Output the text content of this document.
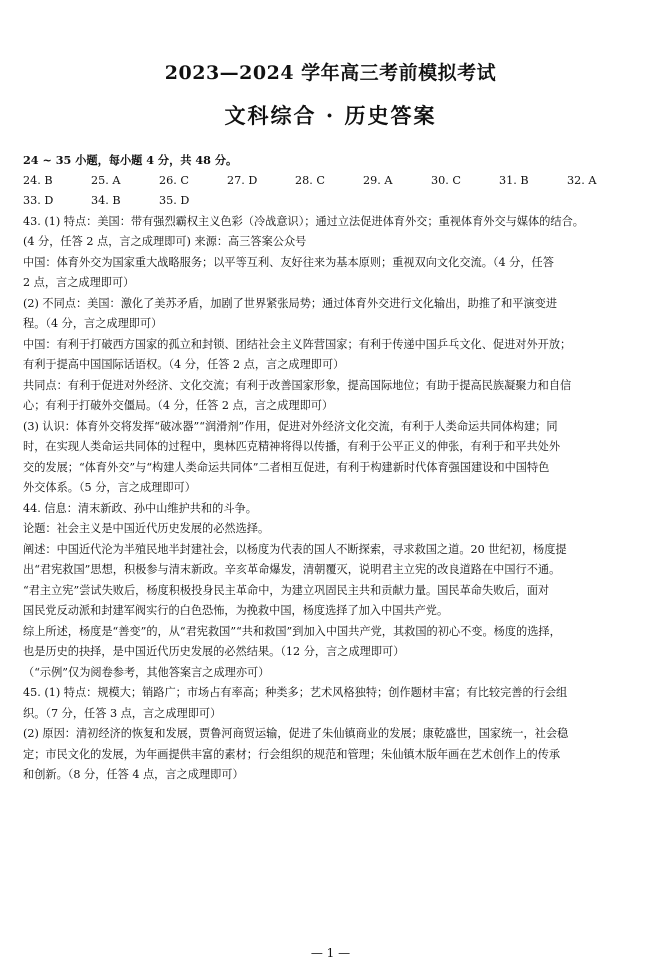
2023—2024 学年高三考前模拟考试
文科综合 · 历史答案

24 ~ 35 小题，每小题 4 分，共 48 分。

24. B	25. A	26. C	27. D	28. C	29. A	30. C	31. B	32. A
33. D	34. B	35. D

43. (1) 特点：美国：带有强烈霸权主义色彩（冷战意识）；通过立法促进体育外交；重视体育外交与媒体的结合。

(4 分，任答 2 点，言之成理即可) 来源：高三答案公众号

中国：体育外交为国家重大战略服务；以平等互利、友好往来为基本原则；重视双向文化交流。（4 分，任答

2 点，言之成理即可）

(2) 不同点：美国：激化了美苏矛盾，加剧了世界紧张局势；通过体育外交进行文化输出，助推了和平演变进

程。（4 分，言之成理即可）

中国：有利于打破西方国家的孤立和封锁、团结社会主义阵营国家；有利于传递中国乒乓文化、促进对外开放；

有利于提高中国国际话语权。（4 分，任答 2 点，言之成理即可）

共同点：有利于促进对外经济、文化交流；有利于改善国家形象，提高国际地位；有助于提高民族凝聚力和自信

心；有利于打破外交僵局。（4 分，任答 2 点，言之成理即可）

(3) 认识：体育外交将发挥“破冰器”“润滑剂”作用，促进对外经济文化交流，有利于人类命运共同体构建；同

时，在实现人类命运共同体的过程中，奥林匹克精神将得以传播，有利于公平正义的伸张，有利于和平共处外

交的发展；“体育外交”与“构建人类命运共同体”二者相互促进，有利于构建新时代体育强国建设和中国特色

外交体系。（5 分，言之成理即可）

44. 信息：清末新政、孙中山维护共和的斗争。

论题：社会主义是中国近代历史发展的必然选择。

阐述：中国近代沦为半殖民地半封建社会，以杨度为代表的国人不断探索，寻求救国之道。20 世纪初，杨度提

出“君宪救国”思想，积极参与清末新政。辛亥革命爆发，清朝覆灭，说明君主立宪的改良道路在中国行不通。

“君主立宪”尝试失败后，杨度积极投身民主革命中，为建立巩固民主共和贡献力量。国民革命失败后，面对

国民党反动派和封建军阀实行的白色恐怖，为挽救中国，杨度选择了加入中国共产党。

综上所述，杨度是“善变”的，从“君宪救国”“共和救国”到加入中国共产党，其救国的初心不变。杨度的选择，

也是历史的抉择，是中国近代历史发展的必然结果。（12 分，言之成理即可）

（“示例”仅为阅卷参考，其他答案言之成理亦可）

45. (1) 特点：规模大；销路广；市场占有率高；种类多；艺术风格独特；创作题材丰富；有比较完善的行会组

织。（7 分，任答 3 点，言之成理即可）

(2) 原因：清初经济的恢复和发展，贾鲁河商贸运输，促进了朱仙镇商业的发展；康乾盛世，国家统一，社会稳

定；市民文化的发展，为年画提供丰富的素材；行会组织的规范和管理；朱仙镇木版年画在艺术创作上的传承

和创新。（8 分，任答 4 点，言之成理即可）

— 1 —
